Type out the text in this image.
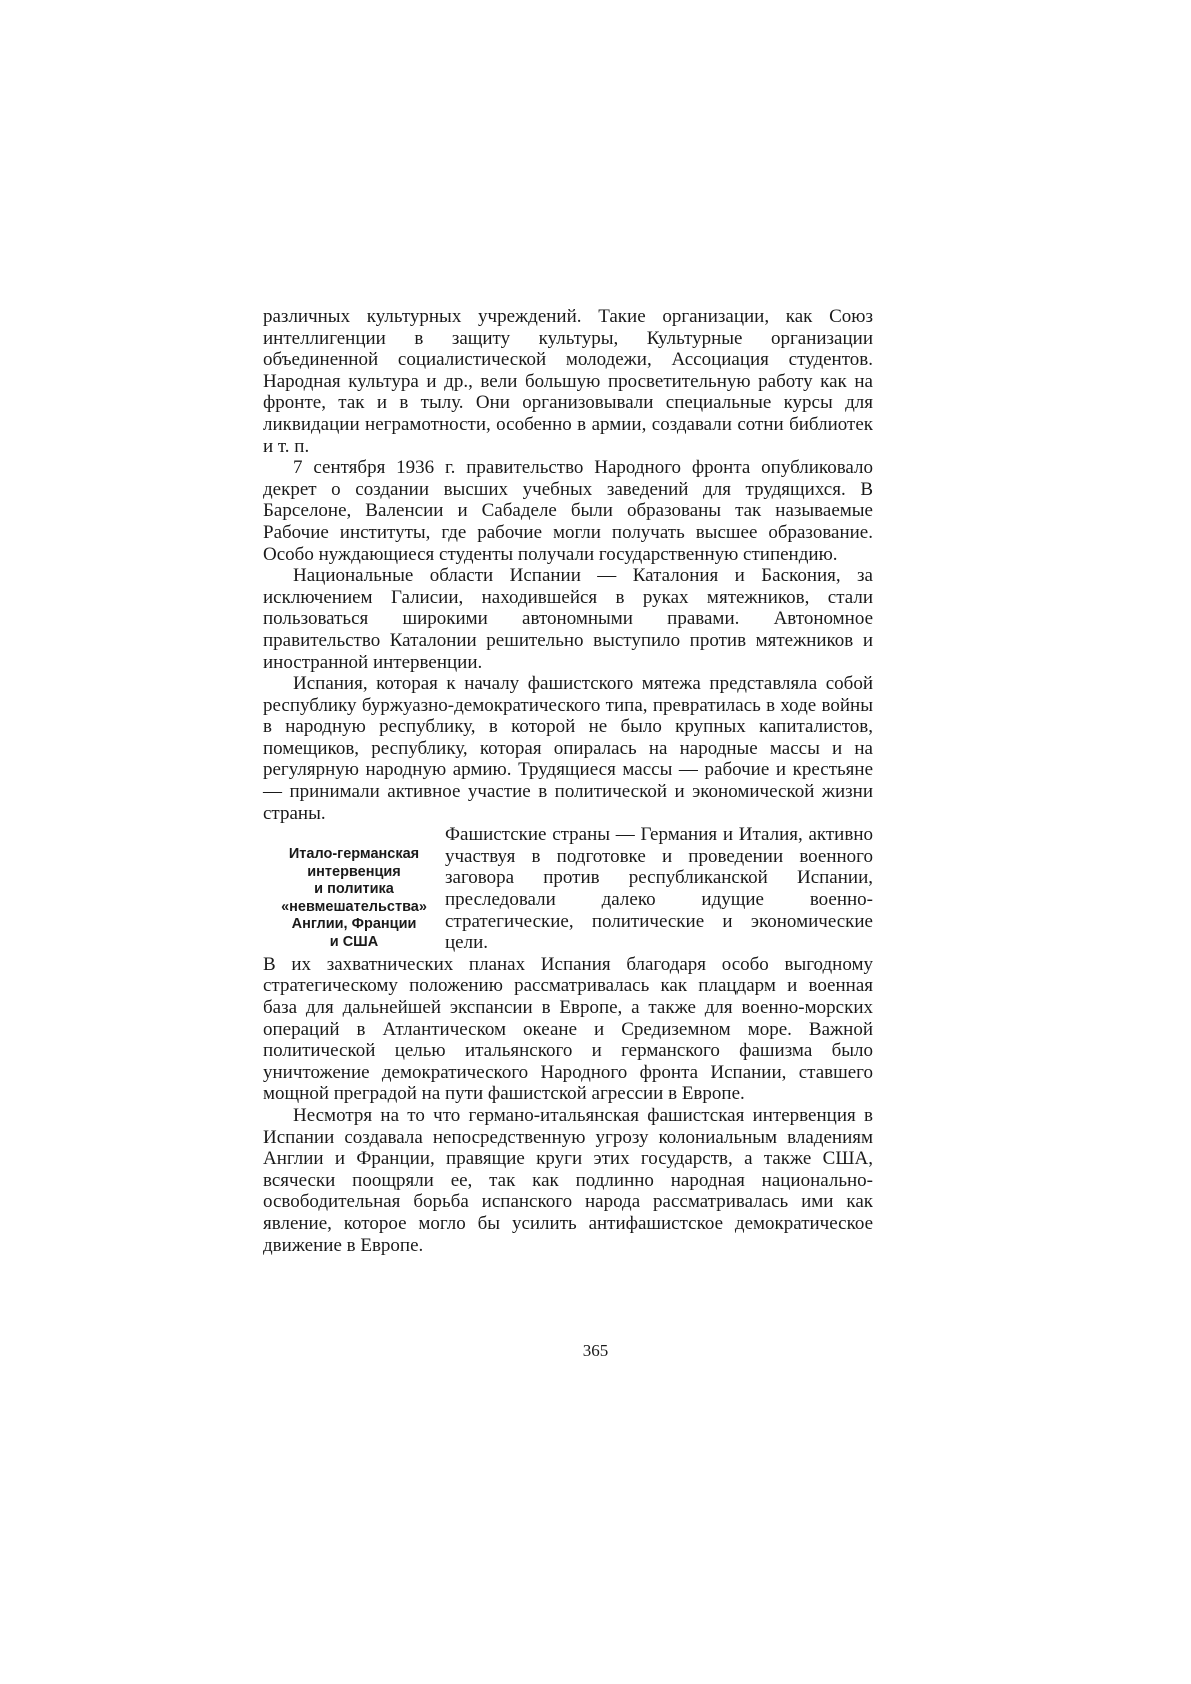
различных культурных учреждений. Такие организации, как Союз интеллигенции в защиту культуры, Культурные организации объединенной социалистической молодежи, Ассоциация студентов. Народная культура и др., вели большую просветительную работу как на фронте, так и в тылу. Они организовывали специальные курсы для ликвидации неграмотности, особенно в армии, создавали сотни библиотек и т. п.

7 сентября 1936 г. правительство Народного фронта опубликовало декрет о создании высших учебных заведений для трудящихся. В Барселоне, Валенсии и Сабаделе были образованы так называемые Рабочие институты, где рабочие могли получать высшее образование. Особо нуждающиеся студенты получали государственную стипендию.

Национальные области Испании — Каталония и Баскония, за исключением Галисии, находившейся в руках мятежников, стали пользоваться широкими автономными правами. Автономное правительство Каталонии решительно выступило против мятежников и иностранной интервенции.

Испания, которая к началу фашистского мятежа представляла собой республику буржуазно-демократического типа, превратилась в ходе войны в народную республику, в которой не было крупных капиталистов, помещиков, республику, которая опиралась на народные массы и на регулярную народную армию. Трудящиеся массы — рабочие и крестьяне — принимали активное участие в политической и экономической жизни страны.

Итало-германская
интервенция
и политика
«невмешательства»
Англии, Франции
и США

Фашистские страны — Германия и Италия, активно участвуя в подготовке и проведении военного заговора против республиканской Испании, преследовали далеко идущие военно-стратегические, политические и экономические цели.

В их захватнических планах Испания благодаря особо выгодному стратегическому положению рассматривалась как плацдарм и военная база для дальнейшей экспансии в Европе, а также для военно-морских операций в Атлантическом океане и Средиземном море. Важной политической целью итальянского и германского фашизма было уничтожение демократического Народного фронта Испании, ставшего мощной преградой на пути фашистской агрессии в Европе.

Несмотря на то что германо-итальянская фашистская интервенция в Испании создавала непосредственную угрозу колониальным владениям Англии и Франции, правящие круги этих государств, а также США, всячески поощряли ее, так как подлинно народная национально-освободительная борьба испанского народа рассматривалась ими как явление, которое могло бы усилить антифашистское демократическое движение в Европе.

365
